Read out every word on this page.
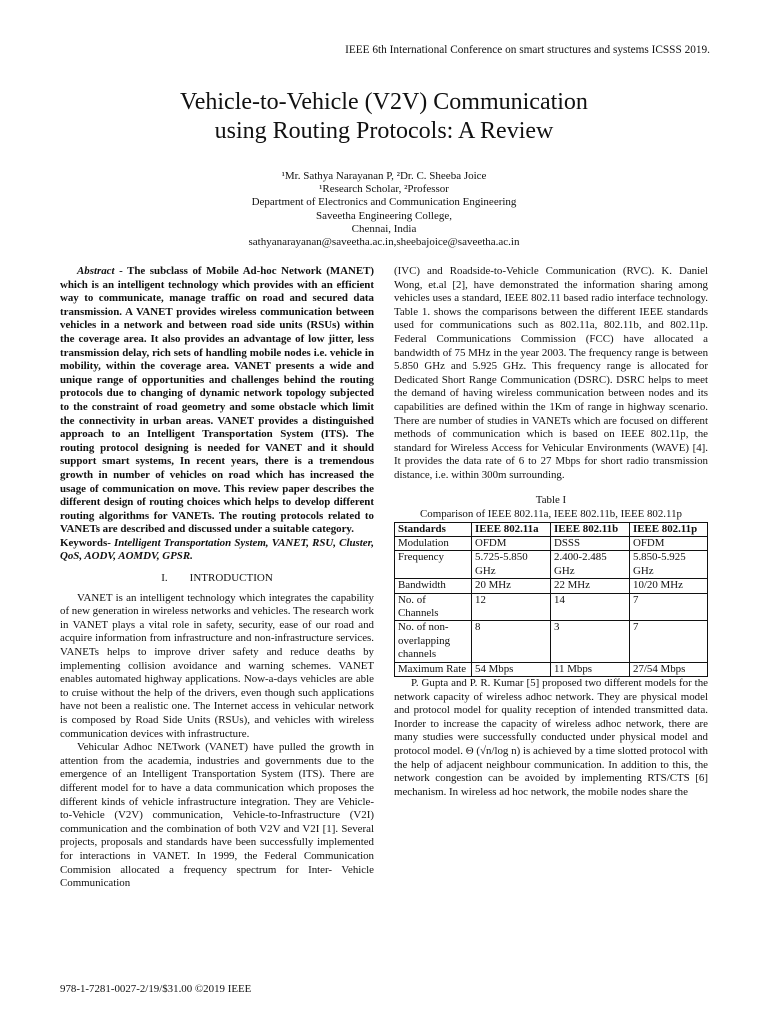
IEEE 6th International Conference on smart structures and systems ICSSS 2019.
Vehicle-to-Vehicle (V2V) Communication
using Routing Protocols: A Review
¹Mr. Sathya Narayanan P, ²Dr. C. Sheeba Joice
¹Research Scholar, ²Professor
Department of Electronics and Communication Engineering
Saveetha Engineering College,
Chennai, India
sathyanarayanan@saveetha.ac.in,sheebajoice@saveetha.ac.in

Abstract - The subclass of Mobile Ad-hoc Network (MANET) which is an intelligent technology which provides with an efficient way to communicate, manage traffic on road and secured data transmission. A VANET provides wireless communication between vehicles in a network and between road side units (RSUs) within the coverage area. It also provides an advantage of low jitter, less transmission delay, rich sets of handling mobile nodes i.e. vehicle in mobility, within the coverage area. VANET presents a wide and unique range of opportunities and challenges behind the routing protocols due to changing of dynamic network topology subjected to the constraint of road geometry and some obstacle which limit the connectivity in urban areas. VANET provides a distinguished approach to an Intelligent Transportation System (ITS). The routing protocol designing is needed for VANET and it should support smart systems, In recent years, there is a tremendous growth in number of vehicles on road which has increased the usage of communication on move. This review paper describes the different design of routing choices which helps to develop different routing algorithms for VANETs. The routing protocols related to VANETs are described and discussed under a suitable category.

Keywords- Intelligent Transportation System, VANET, RSU, Cluster, QoS, AODV, AOMDV, GPSR.

I. INTRODUCTION

VANET is an intelligent technology which integrates the capability of new generation in wireless networks and vehicles. The research work in VANET plays a vital role in safety, security, ease of our road and acquire information from infrastructure and non-infrastructure services. VANETs helps to improve driver safety and reduce deaths by implementing collision avoidance and warning schemes. VANET enables automated highway applications. Now-a-days vehicles are able to cruise without the help of the drivers, even though such applications have not been a realistic one. The Internet access in vehicular network is composed by Road Side Units (RSUs), and vehicles with wireless communication devices with infrastructure.

Vehicular Adhoc NETwork (VANET) have pulled the growth in attention from the academia, industries and governments due to the emergence of an Intelligent Transportation System (ITS). There are different model for to have a data communication which proposes the different kinds of vehicle infrastructure integration. They are Vehicle-to-Vehicle (V2V) communication, Vehicle-to-Infrastructure (V2I) communication and the combination of both V2V and V2I [1]. Several projects, proposals and standards have been successfully implemented for interactions in VANET. In 1999, the Federal Communication Commision allocated a frequency spectrum for Inter- Vehicle Communication

(IVC) and Roadside-to-Vehicle Communication (RVC). K. Daniel Wong, et.al [2], have demonstrated the information sharing among vehicles uses a standard, IEEE 802.11 based radio interface technology. Table 1. shows the comparisons between the different IEEE standards used for communications such as 802.11a, 802.11b, and 802.11p. Federal Communications Commission (FCC) have allocated a bandwidth of 75 MHz in the year 2003. The frequency range is between 5.850 GHz and 5.925 GHz. This frequency range is allocated for Dedicated Short Range Communication (DSRC). DSRC helps to meet the demand of having wireless communication between nodes and its capabilities are defined within the 1Km of range in highway scenario. There are number of studies in VANETs which are focused on different methods of communication which is based on IEEE 802.11p, the standard for Wireless Access for Vehicular Environments (WAVE) [4]. It provides the data rate of 6 to 27 Mbps for short radio transmission distance, i.e. within 300m surrounding.

Table I
Comparison of IEEE 802.11a, IEEE 802.11b, IEEE 802.11p
Standards	IEEE 802.11a	IEEE 802.11b	IEEE 802.11p
Modulation	OFDM	DSSS	OFDM
Frequency	5.725-5.850 GHz	2.400-2.485 GHz	5.850-5.925 GHz
Bandwidth	20 MHz	22 MHz	10/20 MHz
No. of Channels	12	14	7
No. of non-overlapping channels	8	3	7
Maximum Rate	54 Mbps	11 Mbps	27/54 Mbps

P. Gupta and P. R. Kumar [5] proposed two different models for the network capacity of wireless adhoc network. They are physical model and protocol model for quality reception of intended transmitted data. Inorder to increase the capacity of wireless adhoc network, there are many studies were successfully conducted under physical model and protocol model. Θ (√n/log n) is achieved by a time slotted protocol with the help of adjacent neighbour communication. In addition to this, the network congestion can be avoided by implementing RTS/CTS [6] mechanism. In wireless ad hoc network, the mobile nodes share the

978-1-7281-0027-2/19/$31.00 ©2019 IEEE
